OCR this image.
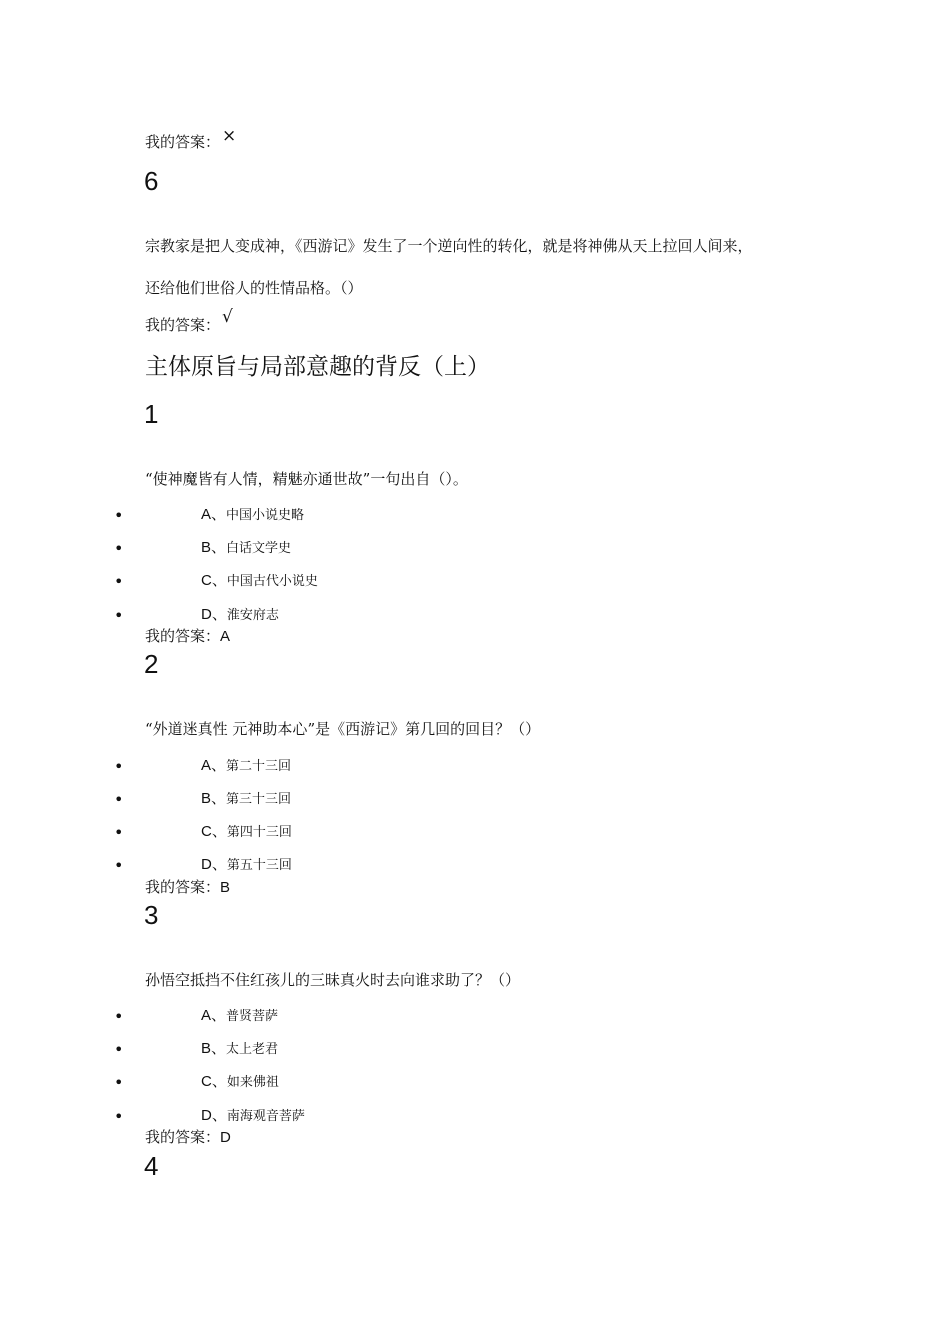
我的答案： ×
6
宗教家是把人变成神，《西游记》发生了一个逆向性的转化，就是将神佛从天上拉回人间来，
还给他们世俗人的性情品格。（）
我的答案： √
主体原旨与局部意趣的背反（上）
1
“使神魔皆有人情，精魅亦通世故”一句出自（）。
•	A、中国小说史略
•	B、白话文学史
•	C、中国古代小说史
•	D、淮安府志
我的答案：A
2
“外道迷真性 元神助本心”是《西游记》第几回的回目？（）
•	A、第二十三回
•	B、第三十三回
•	C、第四十三回
•	D、第五十三回
我的答案：B
3
孙悟空抵挡不住红孩儿的三昧真火时去向谁求助了？（）
•	A、普贤菩萨
•	B、太上老君
•	C、如来佛祖
•	D、南海观音菩萨
我的答案：D
4
